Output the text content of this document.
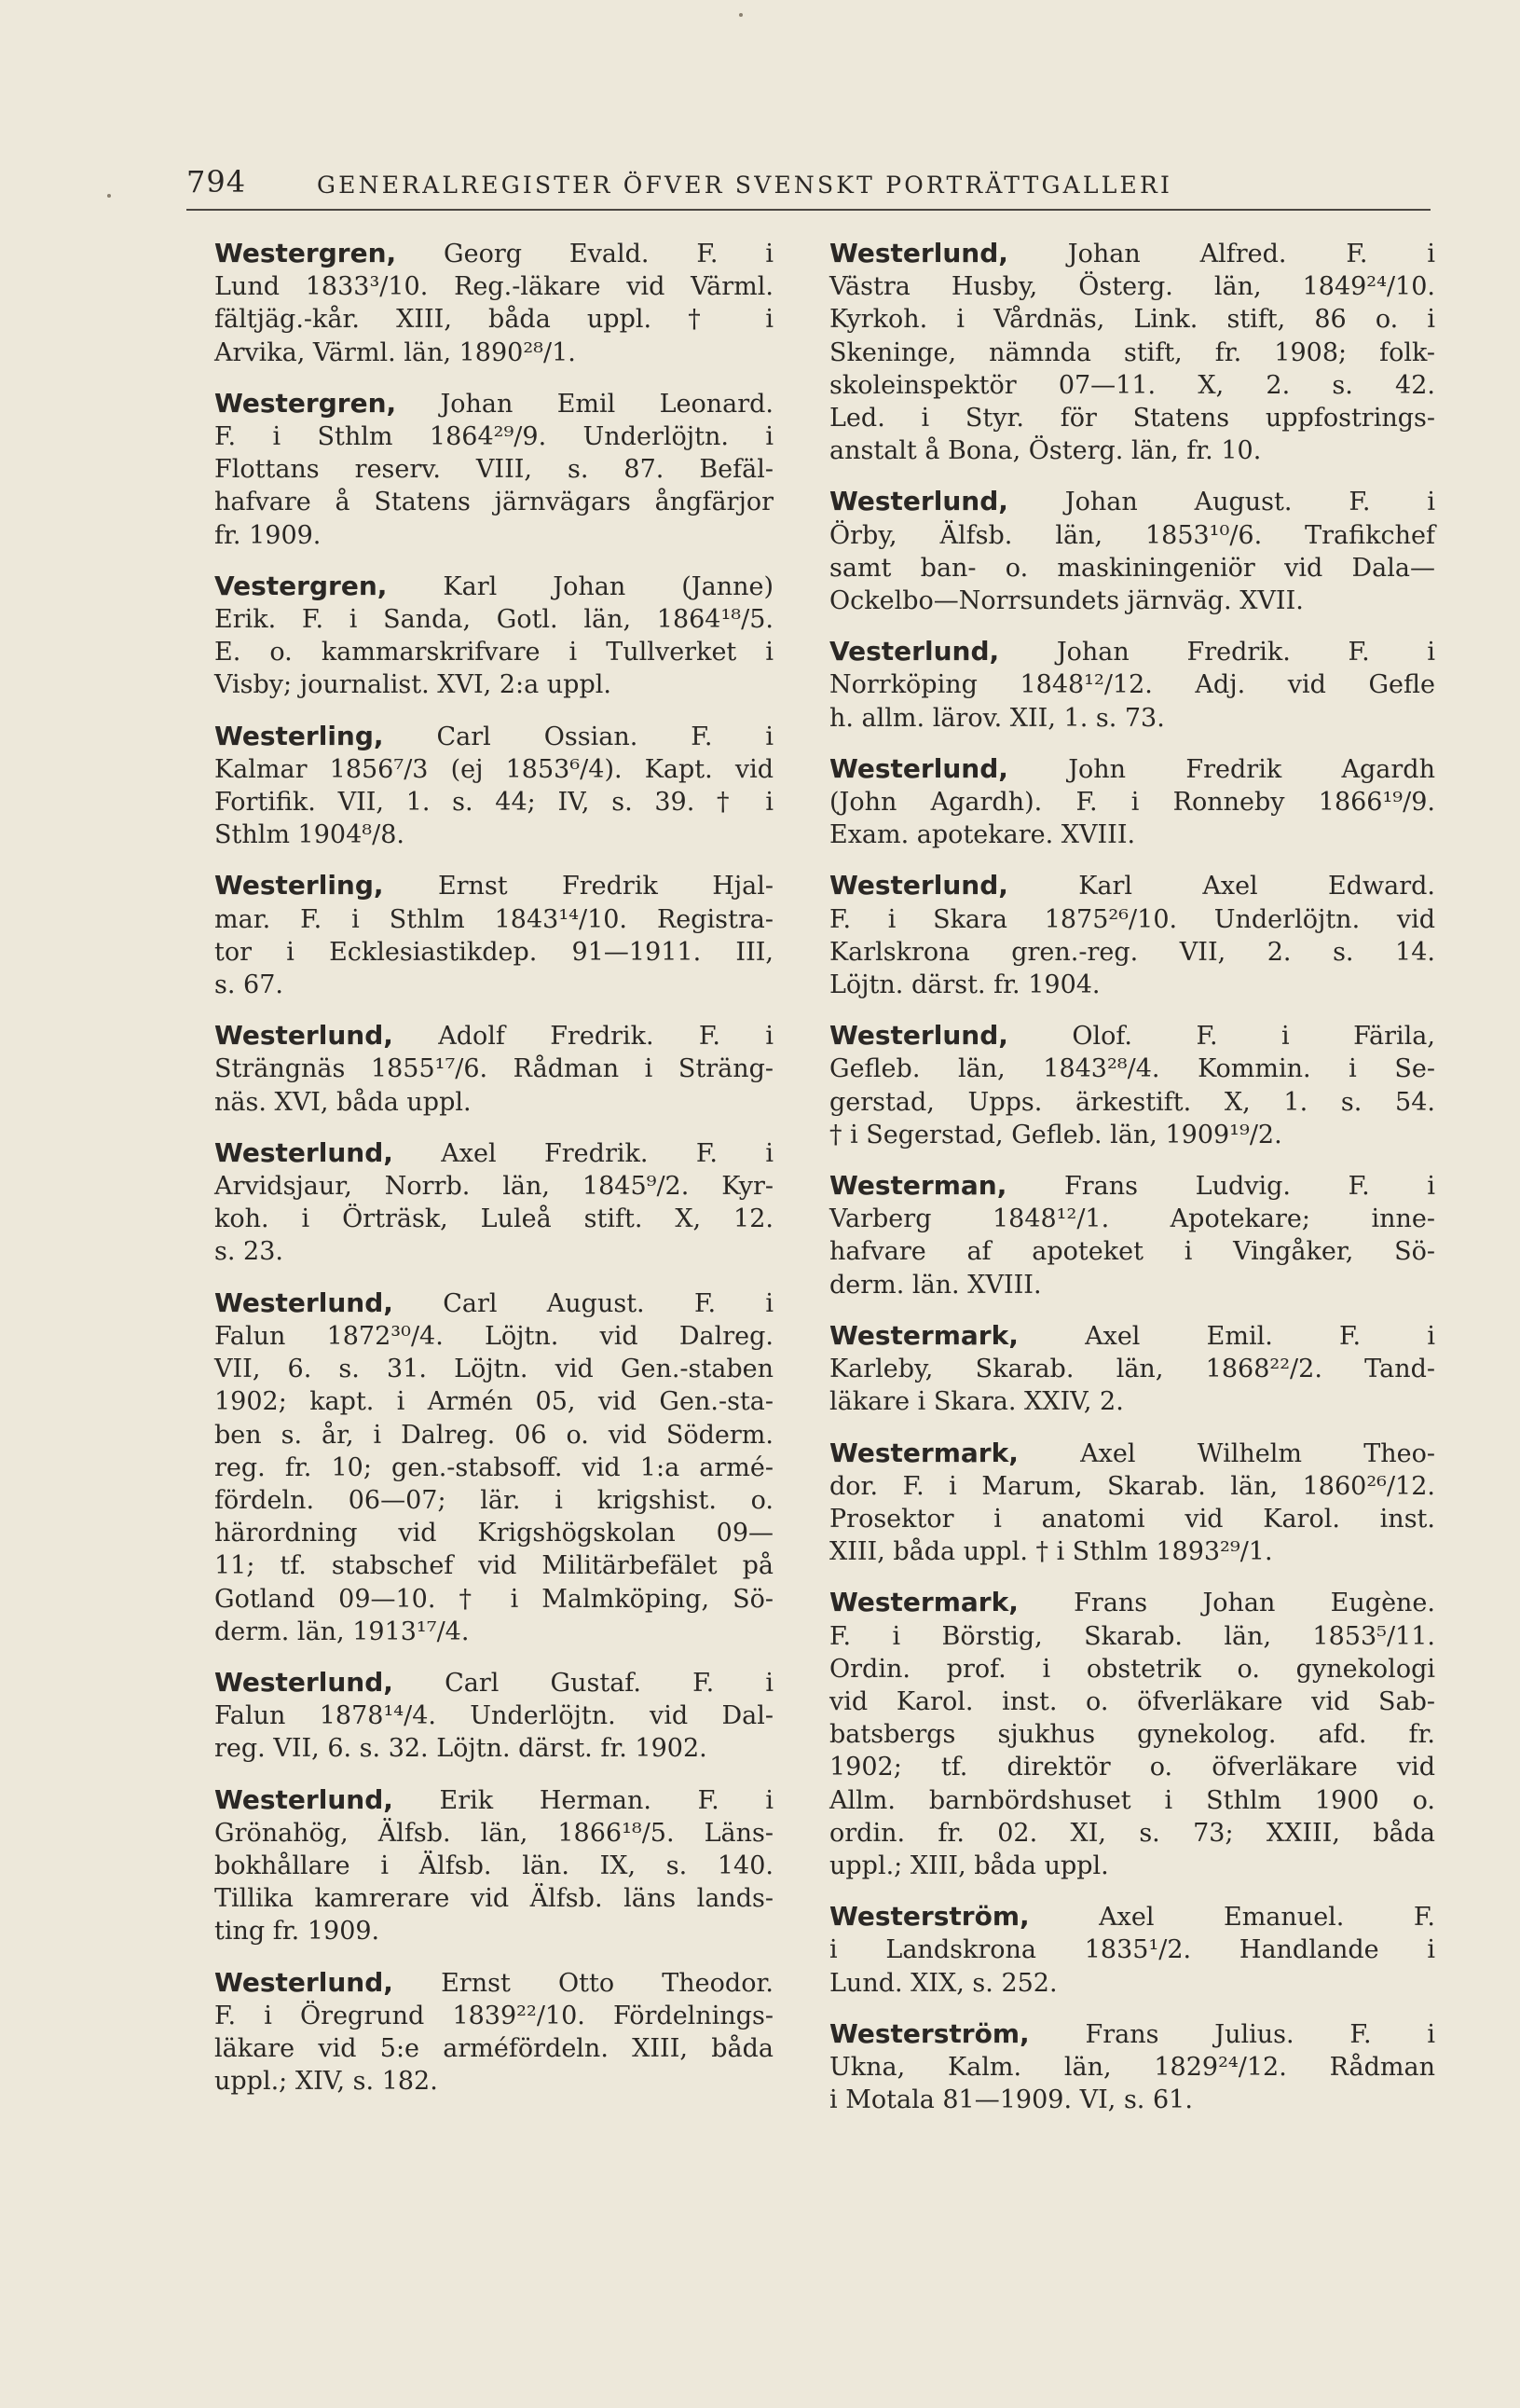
794	GENERALREGISTER ÖFVER SVENSKT PORTRÄTTGALLERI
Westergren, Georg Evald. F. i
Lund 1833³/10. Reg.-läkare vid Värml.
fältjäg.-kår. XIII, båda uppl. † i
Arvika, Värml. län, 1890²⁸/1.
Westergren, Johan Emil Leonard.
F. i Sthlm 1864²⁹/9. Underlöjtn. i
Flottans reserv. VIII, s. 87. Befäl-
hafvare å Statens järnvägars ångfärjor
fr. 1909.
Vestergren, Karl Johan (Janne)
Erik. F. i Sanda, Gotl. län, 1864¹⁸/5.
E. o. kammarskrifvare i Tullverket i
Visby; journalist. XVI, 2:a uppl.
Westerling, Carl Ossian. F. i
Kalmar 1856⁷/3 (ej 1853⁶/4). Kapt. vid
Fortifik. VII, 1. s. 44; IV, s. 39. † i
Sthlm 1904⁸/8.
Westerling, Ernst Fredrik Hjal-
mar. F. i Sthlm 1843¹⁴/10. Registra-
tor i Ecklesiastikdep. 91—1911. III,
s. 67.
Westerlund, Adolf Fredrik. F. i
Strängnäs 1855¹⁷/6. Rådman i Sträng-
näs. XVI, båda uppl.
Westerlund, Axel Fredrik. F. i
Arvidsjaur, Norrb. län, 1845⁹/2. Kyr-
koh. i Örträsk, Luleå stift. X, 12.
s. 23.
Westerlund, Carl August. F. i
Falun 1872³⁰/4. Löjtn. vid Dalreg.
VII, 6. s. 31. Löjtn. vid Gen.-staben
1902; kapt. i Armén 05, vid Gen.-sta-
ben s. år, i Dalreg. 06 o. vid Söderm.
reg. fr. 10; gen.-stabsoff. vid 1:a armé-
fördeln. 06—07; lär. i krigshist. o.
härordning vid Krigshögskolan 09—
11; tf. stabschef vid Militärbefälet på
Gotland 09—10. † i Malmköping, Sö-
derm. län, 1913¹⁷/4.
Westerlund, Carl Gustaf. F. i
Falun 1878¹⁴/4. Underlöjtn. vid Dal-
reg. VII, 6. s. 32. Löjtn. därst. fr. 1902.
Westerlund, Erik Herman. F. i
Grönahög, Älfsb. län, 1866¹⁸/5. Läns-
bokhållare i Älfsb. län. IX, s. 140.
Tillika kamrerare vid Älfsb. läns lands-
ting fr. 1909.
Westerlund, Ernst Otto Theodor.
F. i Öregrund 1839²²/10. Fördelnings-
läkare vid 5:e arméfördeln. XIII, båda
uppl.; XIV, s. 182.
Westerlund, Johan Alfred. F. i
Västra Husby, Österg. län, 1849²⁴/10.
Kyrkoh. i Vårdnäs, Link. stift, 86 o. i
Skeninge, nämnda stift, fr. 1908; folk-
skoleinspektör 07—11. X, 2. s. 42.
Led. i Styr. för Statens uppfostrings-
anstalt å Bona, Österg. län, fr. 10.
Westerlund, Johan August. F. i
Örby, Älfsb. län, 1853¹⁰/6. Trafikchef
samt ban- o. maskiningeniör vid Dala—
Ockelbo—Norrsundets järnväg. XVII.
Vesterlund, Johan Fredrik. F. i
Norrköping 1848¹²/12. Adj. vid Gefle
h. allm. lärov. XII, 1. s. 73.
Westerlund, John Fredrik Agardh
(John Agardh). F. i Ronneby 1866¹⁹/9.
Exam. apotekare. XVIII.
Westerlund,	Karl Axel Edward.
F. i Skara 1875²⁶/10. Underlöjtn. vid
Karlskrona gren.-reg. VII, 2. s. 14.
Löjtn. därst. fr. 1904.
Westerlund,	Olof. F. i Färila,
Gefleb. län, 1843²⁸/4. Kommin. i Se-
gerstad, Upps. ärkestift. X, 1. s. 54.
† i Segerstad, Gefleb. län, 1909¹⁹/2.
Westerman, Frans Ludvig. F. i
Varberg 1848¹²/1. Apotekare; inne-
hafvare af apoteket i Vingåker, Sö-
derm. län. XVIII.
Westermark,	Axel Emil. F. i
Karleby, Skarab. län, 1868²²/2. Tand-
läkare i Skara. XXIV, 2.
Westermark, Axel Wilhelm Theo-
dor. F. i Marum, Skarab. län, 1860²⁶/12.
Prosektor i anatomi vid Karol. inst.
XIII, båda uppl. † i Sthlm 1893²⁹/1.
Westermark, Frans Johan Eugène.
F. i Börstig, Skarab. län, 1853⁵/11.
Ordin. prof. i obstetrik o. gynekologi
vid Karol. inst. o. öfverläkare vid Sab-
batsbergs sjukhus gynekolog. afd. fr.
1902; tf. direktör o. öfverläkare vid
Allm. barnbördshuset i Sthlm 1900 o.
ordin. fr. 02. XI, s. 73; XXIII, båda
uppl.; XIII, båda uppl.
Westerström,	Axel Emanuel. F.
i Landskrona 1835¹/2. Handlande i
Lund. XIX, s. 252.
Westerström, Frans Julius. F. i
Ukna, Kalm. län, 1829²⁴/12. Rådman
i Motala 81—1909. VI, s. 61.
